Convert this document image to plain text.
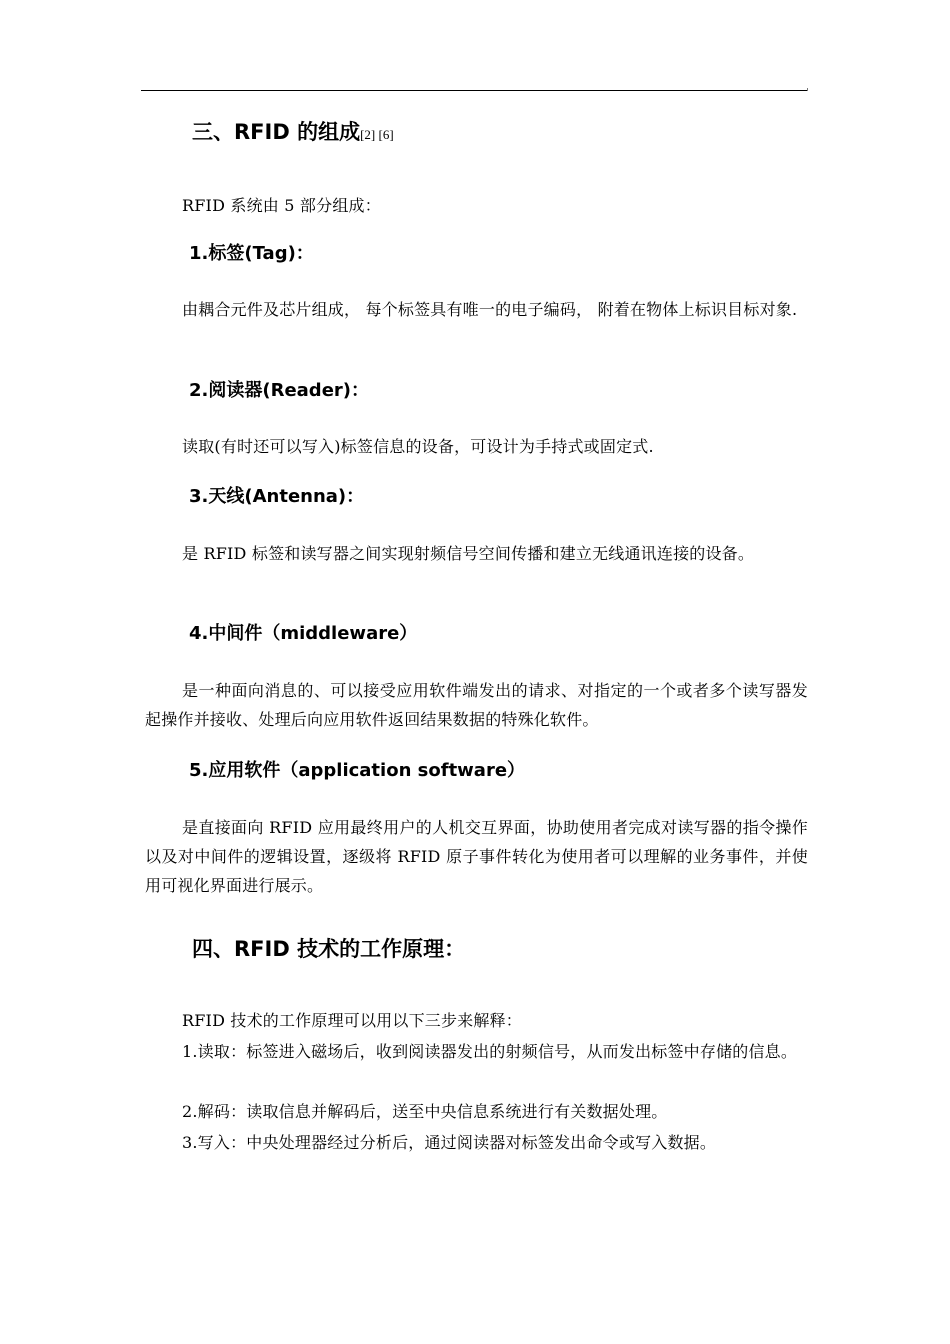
三、RFID 的组成[2] [6]

RFID 系统由 5 部分组成：

1.标签(Tag)：

由耦合元件及芯片组成， 每个标签具有唯一的电子编码， 附着在物体上标识目标对象.

2.阅读器(Reader)：

读取(有时还可以写入)标签信息的设备，可设计为手持式或固定式.

3.天线(Antenna)：

是 RFID 标签和读写器之间实现射频信号空间传播和建立无线通讯连接的设备。

4.中间件（middleware）

是一种面向消息的、可以接受应用软件端发出的请求、对指定的一个或者多个读写器发起操作并接收、处理后向应用软件返回结果数据的特殊化软件。

5.应用软件（application software）

是直接面向 RFID 应用最终用户的人机交互界面，协助使用者完成对读写器的指令操作以及对中间件的逻辑设置，逐级将 RFID 原子事件转化为使用者可以理解的业务事件，并使用可视化界面进行展示。

四、RFID 技术的工作原理：

RFID 技术的工作原理可以用以下三步来解释：

1.读取：标签进入磁场后，收到阅读器发出的射频信号，从而发出标签中存储的信息。

2.解码：读取信息并解码后，送至中央信息系统进行有关数据处理。

3.写入：中央处理器经过分析后，通过阅读器对标签发出命令或写入数据。
